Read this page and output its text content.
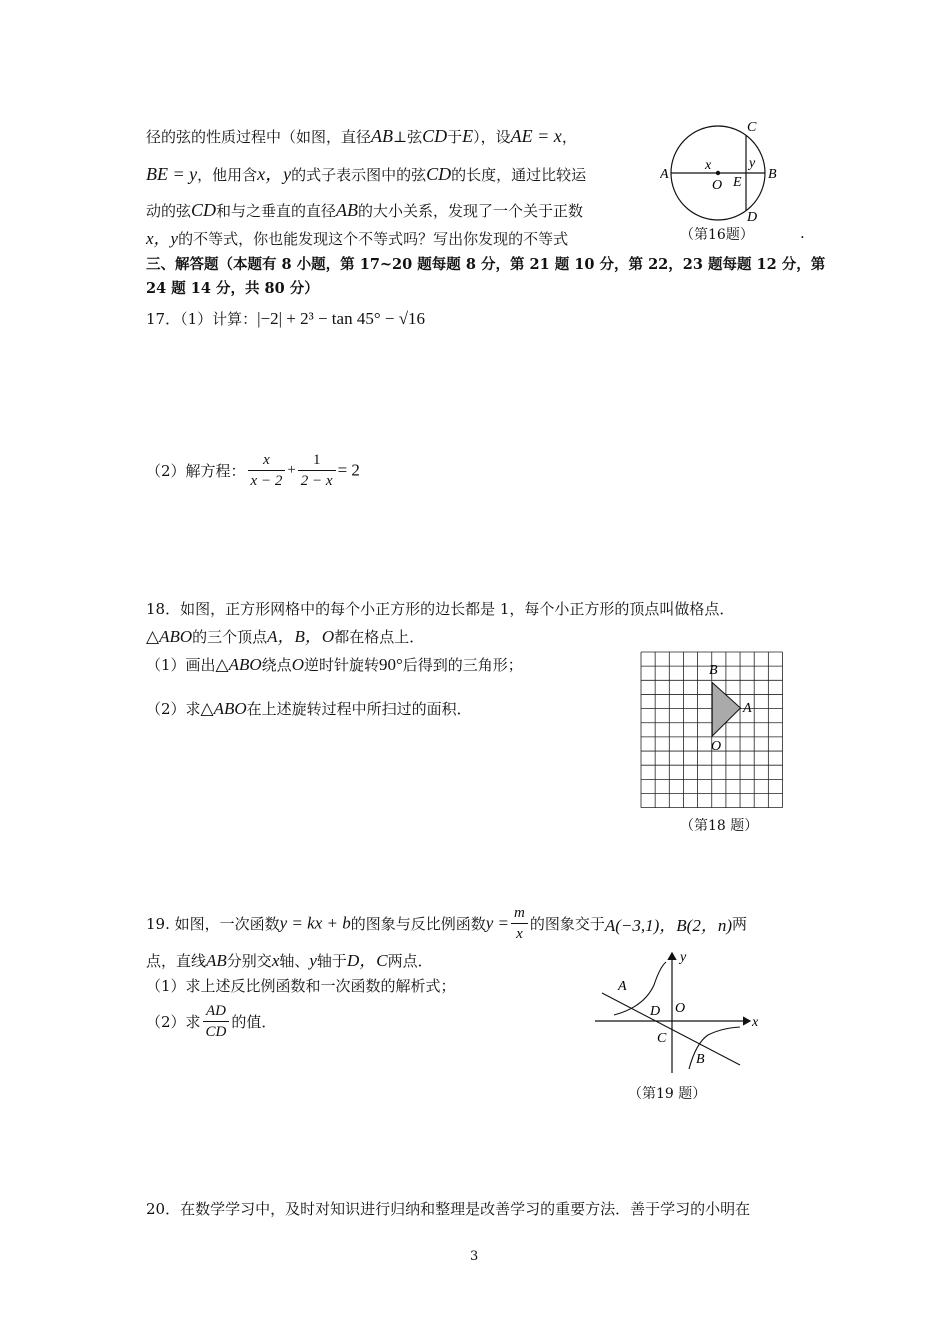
径的弦的性质过程中（如图，直径AB⊥弦CD于E），设AE = x，
BE = y，他用含x，y的式子表示图中的弦CD的长度，通过比较运
动的弦CD和与之垂直的直径AB的大小关系，发现了一个关于正数
x，y的不等式，你也能发现这个不等式吗？写出你发现的不等式	（第16题）	.
A	B
C
D
E
O
x	y
三、解答题（本题有 8 小题，第 17~20 题每题 8 分，第 21 题 10 分，第 22，23 题每题 12 分，第
24 题 14 分，共 80 分）
17．（1）计算：|−2| + 2³ − tan 45° − √16
（2）解方程： $\frac{x}{x - 2} + \frac{1}{2 - x} = 2$
18．如图，正方形网格中的每个小正方形的边长都是 1，每个小正方形的顶点叫做格点．
△ABO的三个顶点A，B，O都在格点上．
（1）画出△ABO绕点O逆时针旋转90°后得到的三角形；
（2）求△ABO在上述旋转过程中所扫过的面积．
B
A
O
（第18 题）
19. 如图，一次函数y = kx + b的图象与反比例函数$y = \frac{m}{x}$ 的图象交于A(−3,1)，B(2，n)两
点，直线AB分别交x轴、y轴于D，C两点．
（1）求上述反比例函数和一次函数的解析式；
（2）求 $\frac{AD}{CD}$ 的值．
A
B
C
D O
x
y
（第19 题）
20．在数学学习中，及时对知识进行归纳和整理是改善学习的重要方法．善于学习的小明在
3
